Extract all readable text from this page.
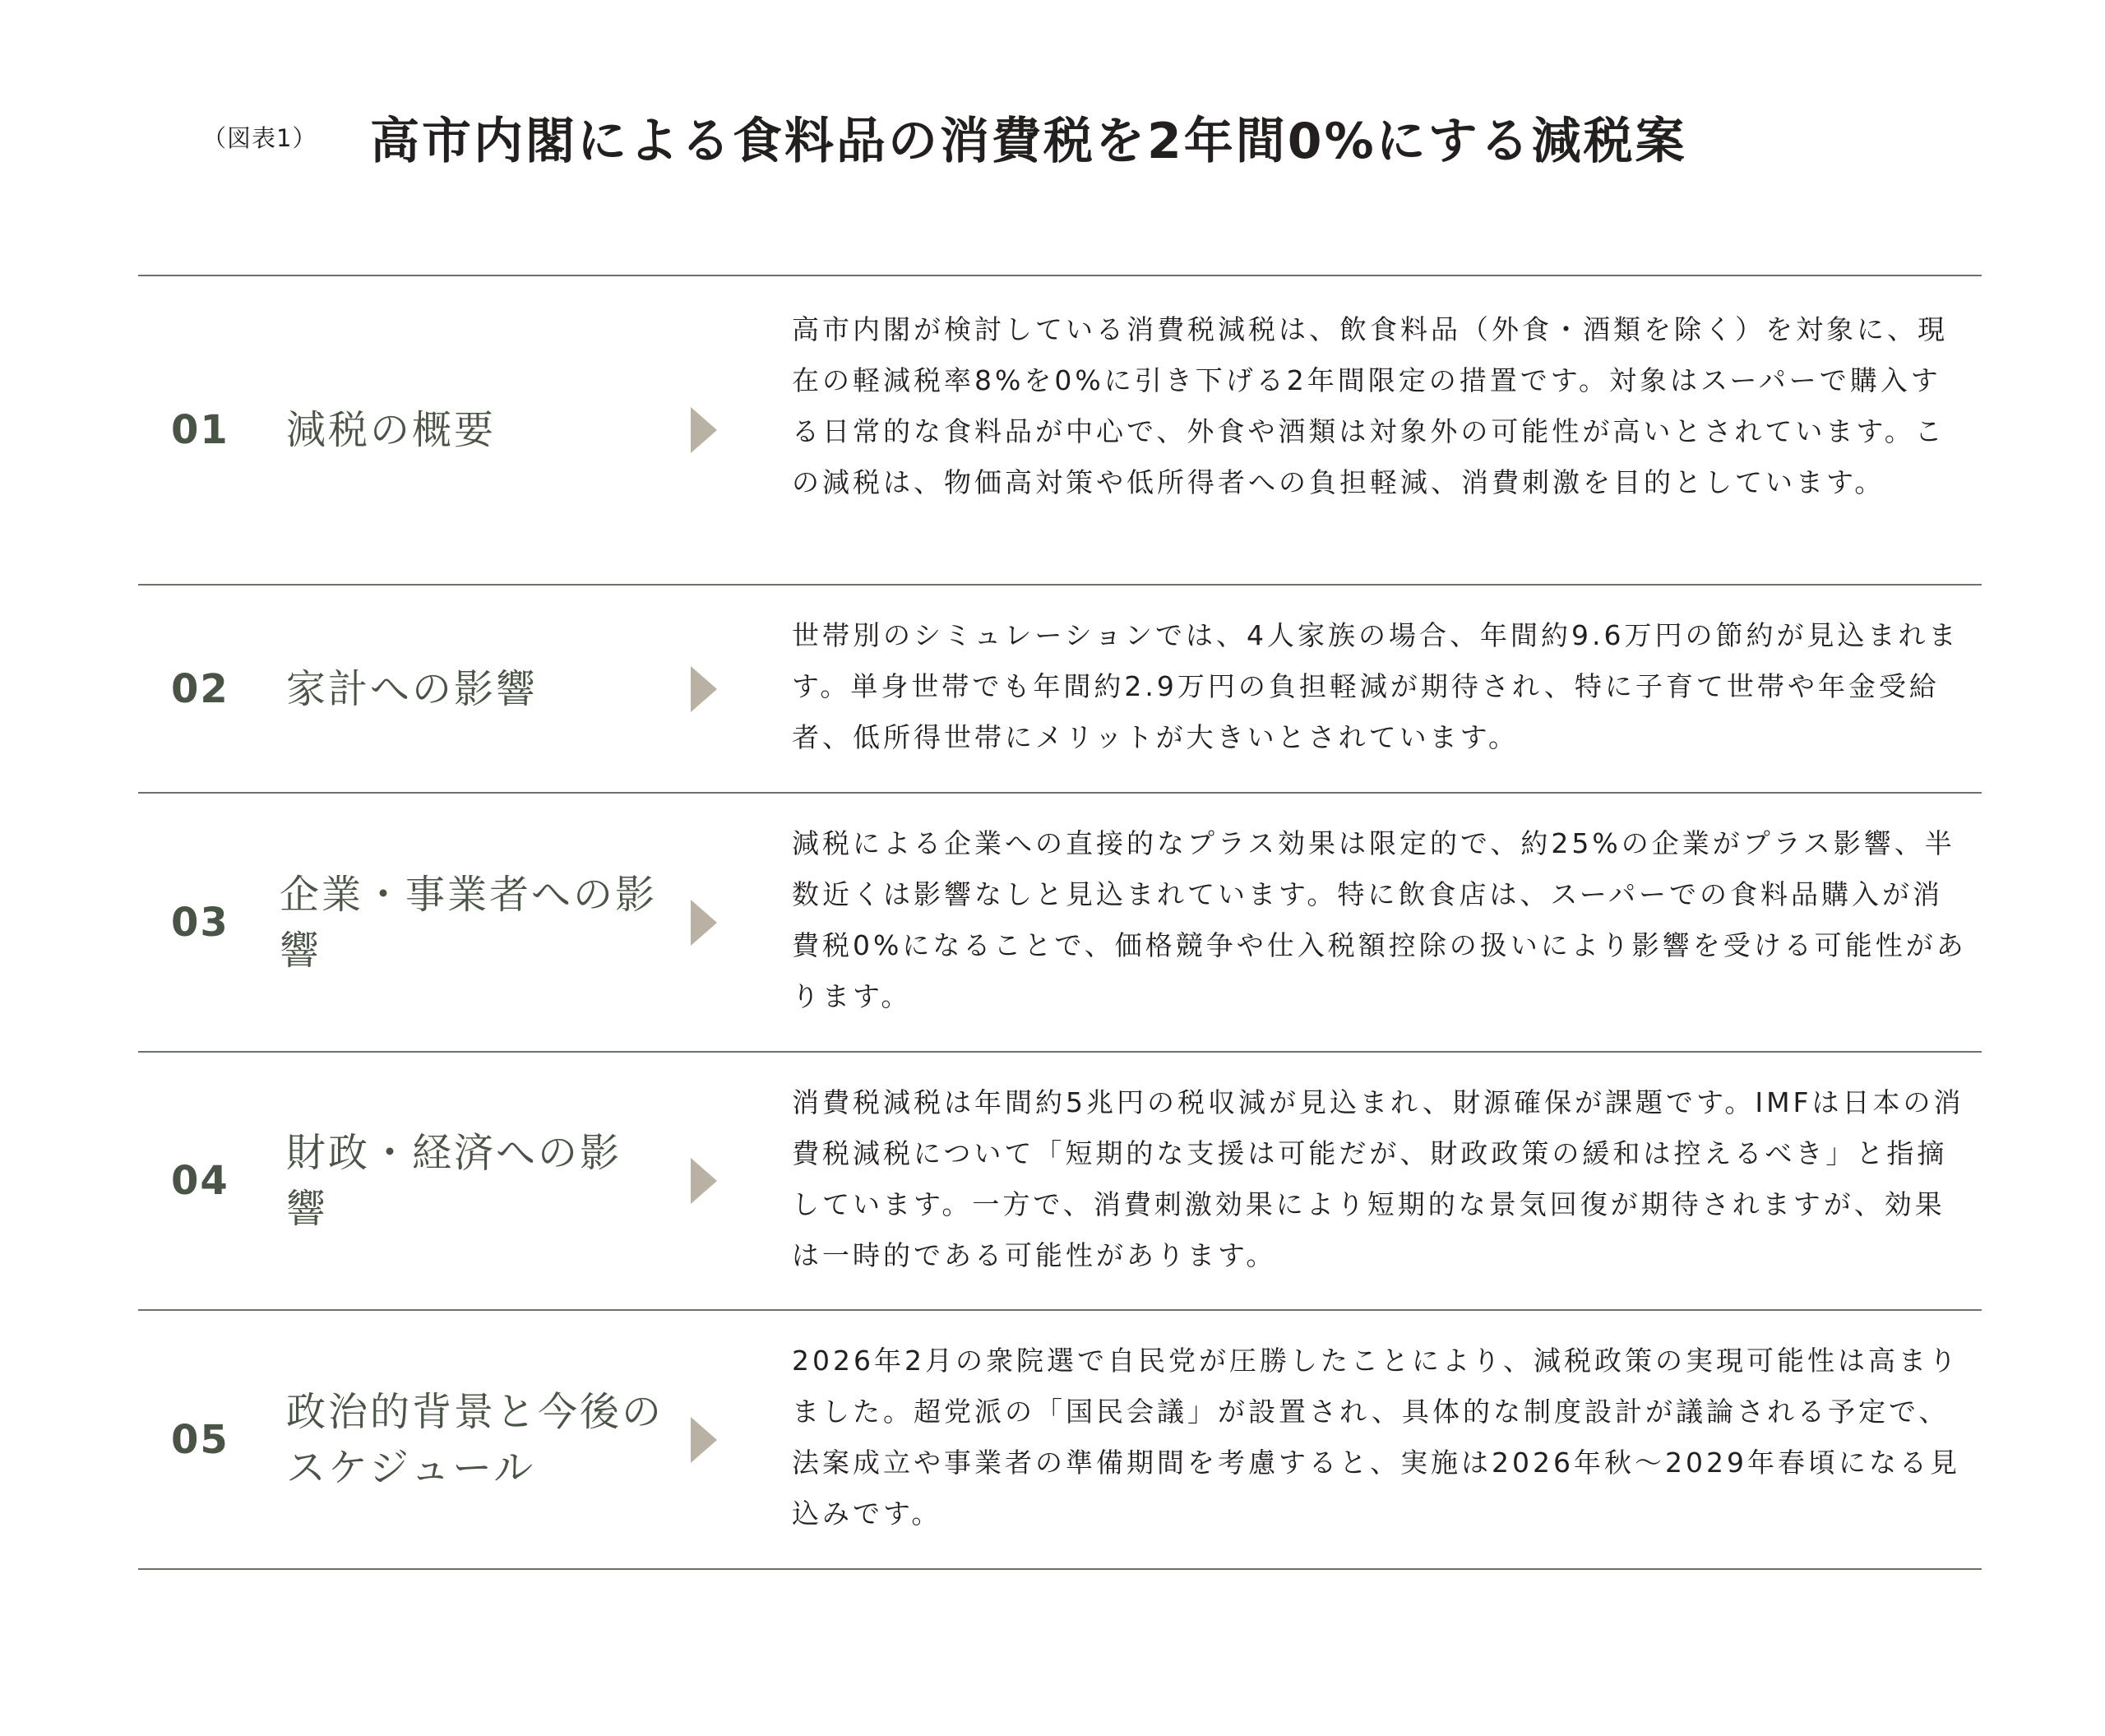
（図表1） 高市内閣による食料品の消費税を2年間0%にする減税案
01 減税の概要
高市内閣が検討している消費税減税は、飲食料品（外食・酒類を除く）を対象に、現在の軽減税率8%を0%に引き下げる2年間限定の措置です。対象はスーパーで購入する日常的な食料品が中心で、外食や酒類は対象外の可能性が高いとされています。この減税は、物価高対策や低所得者への負担軽減、消費刺激を目的としています。
02 家計への影響
世帯別のシミュレーションでは、4人家族の場合、年間約9.6万円の節約が見込まれます。単身世帯でも年間約2.9万円の負担軽減が期待され、特に子育て世帯や年金受給者、低所得世帯にメリットが大きいとされています。
03
企業・事業者への影響
減税による企業への直接的なプラス効果は限定的で、約25%の企業がプラス影響、半数近くは影響なしと見込まれています。特に飲食店は、スーパーでの食料品購入が消費税0%になることで、価格競争や仕入税額控除の扱いにより影響を受ける可能性があります。
04
財政・経済への影響
消費税減税は年間約5兆円の税収減が見込まれ、財源確保が課題です。IMFは日本の消費税減税について「短期的な支援は可能だが、財政政策の緩和は控えるべき」と指摘しています。一方で、消費刺激効果により短期的な景気回復が期待されますが、効果は一時的である可能性があります。
05
政治的背景と今後のスケジュール
2026年2月の衆院選で自民党が圧勝したことにより、減税政策の実現可能性は高まりました。超党派の「国民会議」が設置され、具体的な制度設計が議論される予定で、法案成立や事業者の準備期間を考慮すると、実施は2026年秋～2029年春頃になる見込みです。
